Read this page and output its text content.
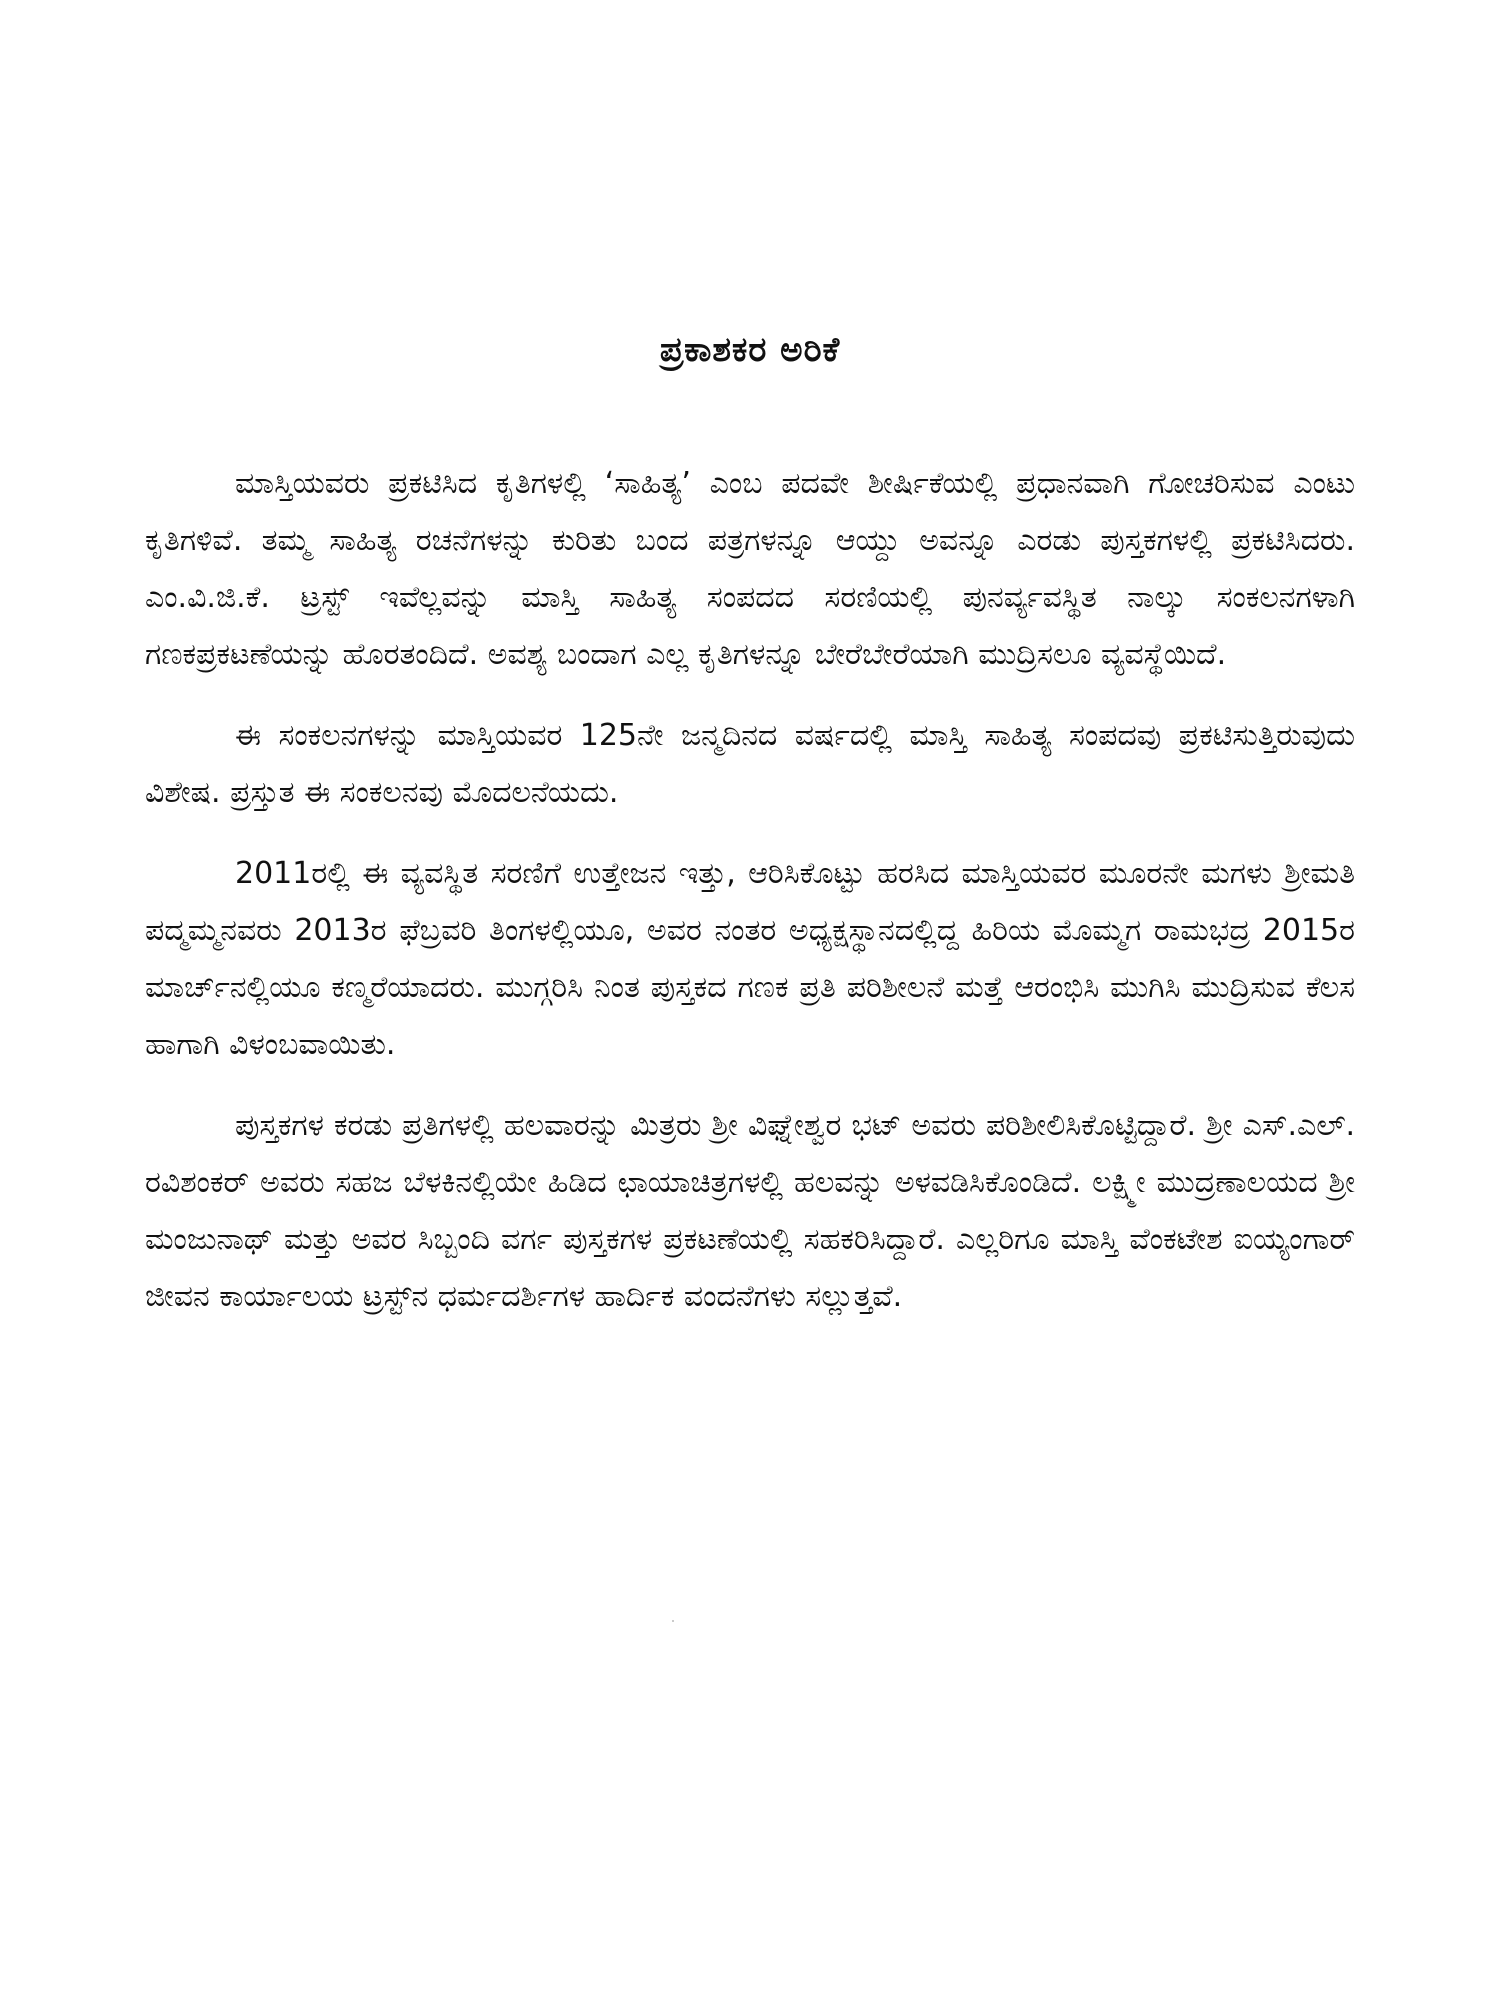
ಪ್ರಕಾಶಕರ ಅರಿಕೆ

ಮಾಸ್ತಿಯವರು ಪ್ರಕಟಿಸಿದ ಕೃತಿಗಳಲ್ಲಿ ‘ಸಾಹಿತ್ಯ’ ಎಂಬ ಪದವೇ ಶೀರ್ಷಿಕೆಯಲ್ಲಿ ಪ್ರಧಾನವಾಗಿ ಗೋಚರಿಸುವ ಎಂಟು ಕೃತಿಗಳಿವೆ. ತಮ್ಮ ಸಾಹಿತ್ಯ ರಚನೆಗಳನ್ನು ಕುರಿತು ಬಂದ ಪತ್ರಗಳನ್ನೂ ಆಯ್ದು ಅವನ್ನೂ ಎರಡು ಪುಸ್ತಕಗಳಲ್ಲಿ ಪ್ರಕಟಿಸಿದರು. ಎಂ.ವಿ.ಜಿ.ಕೆ. ಟ್ರಸ್ಟ್ ಇವೆಲ್ಲವನ್ನು ಮಾಸ್ತಿ ಸಾಹಿತ್ಯ ಸಂಪದದ ಸರಣಿಯಲ್ಲಿ ಪುನರ್ವ್ಯವಸ್ಥಿತ ನಾಲ್ಕು ಸಂಕಲನಗಳಾಗಿ ಗಣಕಪ್ರಕಟಣೆಯನ್ನು ಹೊರತಂದಿದೆ. ಅವಶ್ಯ ಬಂದಾಗ ಎಲ್ಲ ಕೃತಿಗಳನ್ನೂ ಬೇರೆಬೇರೆಯಾಗಿ ಮುದ್ರಿಸಲೂ ವ್ಯವಸ್ಥೆಯಿದೆ.

ಈ ಸಂಕಲನಗಳನ್ನು ಮಾಸ್ತಿಯವರ 125ನೇ ಜನ್ಮದಿನದ ವರ್ಷದಲ್ಲಿ ಮಾಸ್ತಿ ಸಾಹಿತ್ಯ ಸಂಪದವು ಪ್ರಕಟಿಸುತ್ತಿರುವುದು ವಿಶೇಷ. ಪ್ರಸ್ತುತ ಈ ಸಂಕಲನವು ಮೊದಲನೆಯದು.

2011ರಲ್ಲಿ ಈ ವ್ಯವಸ್ಥಿತ ಸರಣಿಗೆ ಉತ್ತೇಜನ ಇತ್ತು, ಆರಿಸಿಕೊಟ್ಟು ಹರಸಿದ ಮಾಸ್ತಿಯವರ ಮೂರನೇ ಮಗಳು ಶ್ರೀಮತಿ ಪದ್ಮಮ್ಮನವರು 2013ರ ಫೆಬ್ರವರಿ ತಿಂಗಳಲ್ಲಿಯೂ, ಅವರ ನಂತರ ಅಧ್ಯಕ್ಷಸ್ಥಾನದಲ್ಲಿದ್ದ ಹಿರಿಯ ಮೊಮ್ಮಗ ರಾಮಭದ್ರ 2015ರ ಮಾರ್ಚ್‌ನಲ್ಲಿಯೂ ಕಣ್ಮರೆಯಾದರು. ಮುಗ್ಗರಿಸಿ ನಿಂತ ಪುಸ್ತಕದ ಗಣಕ ಪ್ರತಿ ಪರಿಶೀಲನೆ ಮತ್ತೆ ಆರಂಭಿಸಿ ಮುಗಿಸಿ ಮುದ್ರಿಸುವ ಕೆಲಸ ಹಾಗಾಗಿ ವಿಳಂಬವಾಯಿತು.

ಪುಸ್ತಕಗಳ ಕರಡು ಪ್ರತಿಗಳಲ್ಲಿ ಹಲವಾರನ್ನು ಮಿತ್ರರು ಶ್ರೀ ವಿಘ್ನೇಶ್ವರ ಭಟ್ ಅವರು ಪರಿಶೀಲಿಸಿಕೊಟ್ಟಿದ್ದಾರೆ. ಶ್ರೀ ಎಸ್.ಎಲ್. ರವಿಶಂಕರ್ ಅವರು ಸಹಜ ಬೆಳಕಿನಲ್ಲಿಯೇ ಹಿಡಿದ ಛಾಯಾಚಿತ್ರಗಳಲ್ಲಿ ಹಲವನ್ನು ಅಳವಡಿಸಿಕೊಂಡಿದೆ. ಲಕ್ಷ್ಮೀ ಮುದ್ರಣಾಲಯದ ಶ್ರೀ ಮಂಜುನಾಥ್ ಮತ್ತು ಅವರ ಸಿಬ್ಬಂದಿ ವರ್ಗ ಪುಸ್ತಕಗಳ ಪ್ರಕಟಣೆಯಲ್ಲಿ ಸಹಕರಿಸಿದ್ದಾರೆ. ಎಲ್ಲರಿಗೂ ಮಾಸ್ತಿ ವೆಂಕಟೇಶ ಐಯ್ಯಂಗಾರ್ ಜೀವನ ಕಾರ್ಯಾಲಯ ಟ್ರಸ್ಟ್‌ನ ಧರ್ಮದರ್ಶಿಗಳ ಹಾರ್ದಿಕ ವಂದನೆಗಳು ಸಲ್ಲುತ್ತವೆ.
